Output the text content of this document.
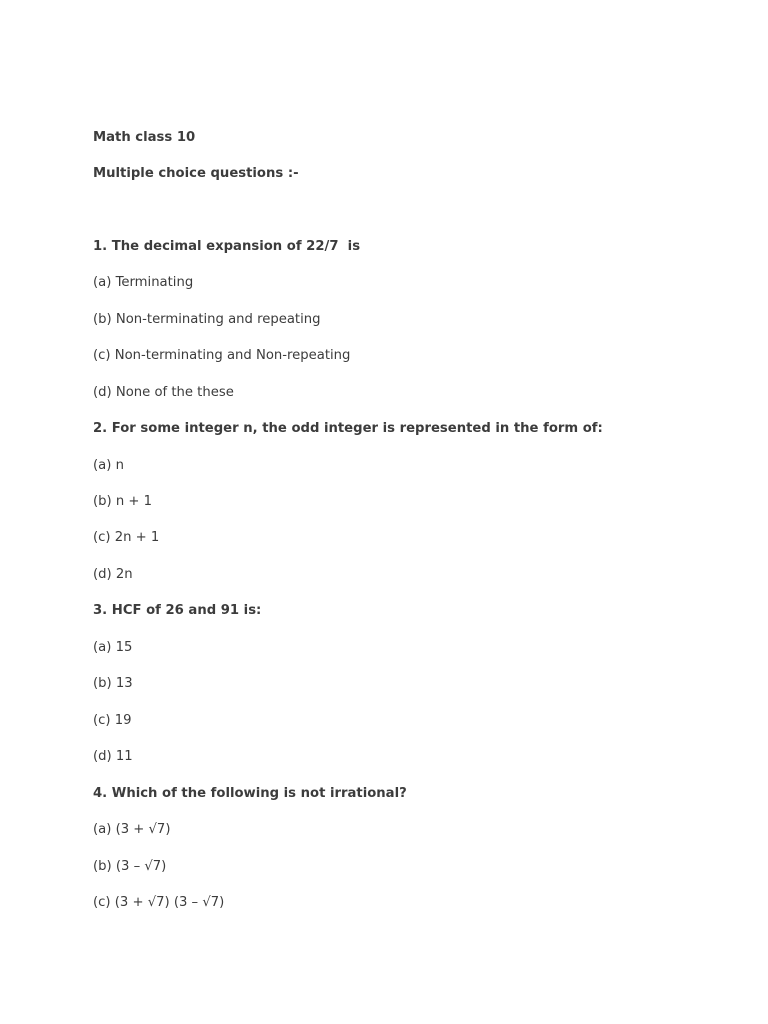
Math class 10
Multiple choice questions :-
1. The decimal expansion of 22/7  is
(a) Terminating
(b) Non-terminating and repeating
(c) Non-terminating and Non-repeating
(d) None of the these
2. For some integer n, the odd integer is represented in the form of:
(a) n
(b) n + 1
(c) 2n + 1
(d) 2n
3. HCF of 26 and 91 is:
(a) 15
(b) 13
(c) 19
(d) 11
4. Which of the following is not irrational?
(a) (3 + √7)
(b) (3 – √7)
(c) (3 + √7) (3 – √7)
